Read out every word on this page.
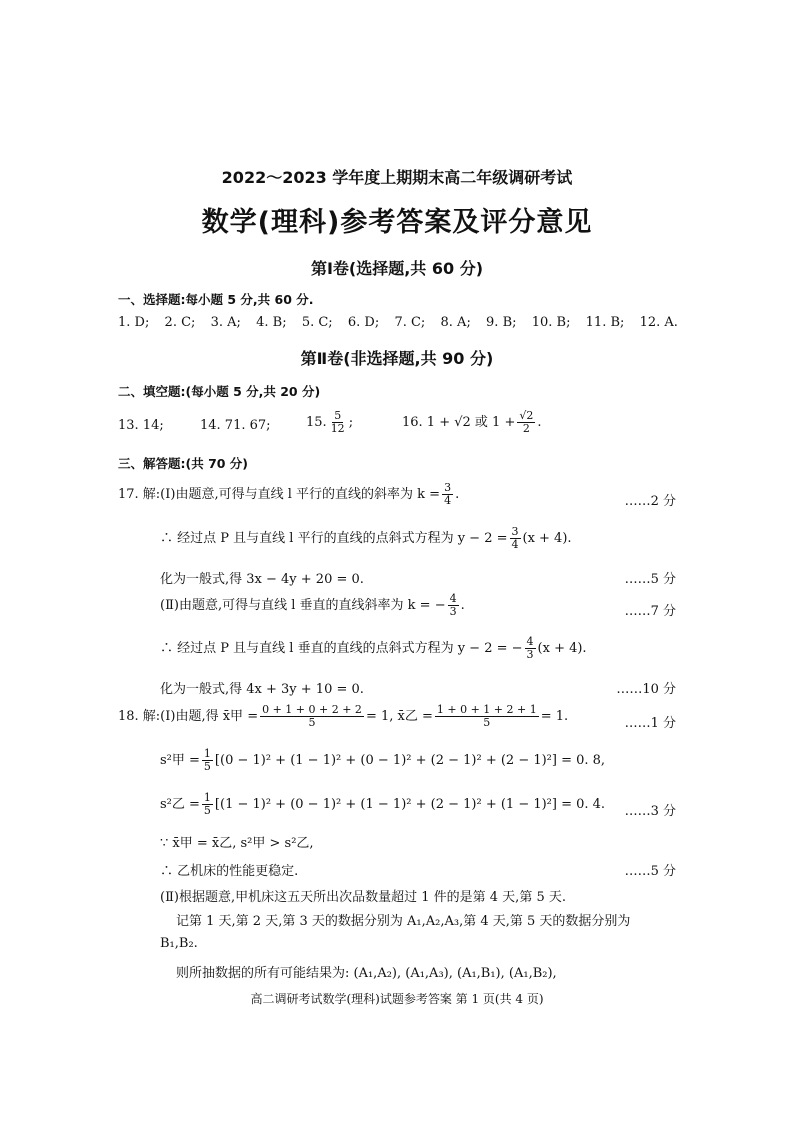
2022～2023 学年度上期期末高二年级调研考试
数学(理科)参考答案及评分意见
第Ⅰ卷(选择题,共 60 分)
一、选择题:每小题 5 分,共 60 分.
1. D; 2. C; 3. A; 4. B; 5. C; 6. D; 7. C; 8. A; 9. B; 10. B; 11. B; 12. A.
第Ⅱ卷(非选择题,共 90 分)
二、填空题:(每小题 5 分,共 20 分)
13. 14;	14. 71. 67;	15. $\frac{5}{12}$ ;	16. 1 + √2 或 $1 + \frac{√2}{2}$ .
三、解答题:(共 70 分)
17. 解:(Ⅰ)由题意,可得与直线 l 平行的直线的斜率为 $k = \frac{3}{4}$ .	……2 分
∴ 经过点 P 且与直线 l 平行的直线的点斜式方程为 $y - 2 = \frac{3}{4} (x + 4)$.
化为一般式,得 3x − 4y + 20 = 0.	……5 分
(Ⅱ)由题意,可得与直线 l 垂直的直线斜率为 k = − $\frac{4}{3}$ .	……7 分
∴ 经过点 P 且与直线 l 垂直的直线的点斜式方程为 y − 2 = − $\frac{4}{3} (x + 4)$.
化为一般式,得 4x + 3y + 10 = 0.	……10 分
18. 解:(Ⅰ)由题,得 x̄甲 = $\frac{0 + 1 + 0 + 2 + 2}{5} = 1$, x̄乙 = $\frac{1 + 0 + 1 + 2 + 1}{5} = 1$.	……1 分
s²甲 = $\frac{1}{5} [(0 - 1)^2 + (1 - 1)^2 + (0 - 1)^2 + (2 - 1)^2 + (2 - 1)^2] = 0$. 8,
s²乙 = $\frac{1}{5} [(1 - 1)^2 + (0 - 1)^2 + (1 - 1)^2 + (2 - 1)^2 + (1 - 1)^2] = 0$. 4. ……3 分
∵ x̄甲 = x̄乙, s²甲 > s²乙,
∴ 乙机床的性能更稳定.	……5 分
(Ⅱ)根据题意,甲机床这五天所出次品数量超过 1 件的是第 4 天,第 5 天.
记第 1 天,第 2 天,第 3 天的数据分别为 A₁,A₂,A₃,第 4 天,第 5 天的数据分别为
B₁,B₂.
则所抽数据的所有可能结果为: (A₁,A₂), (A₁,A₃), (A₁,B₁), (A₁,B₂),
高二调研考试数学(理科)试题参考答案 第 1 页(共 4 页)
